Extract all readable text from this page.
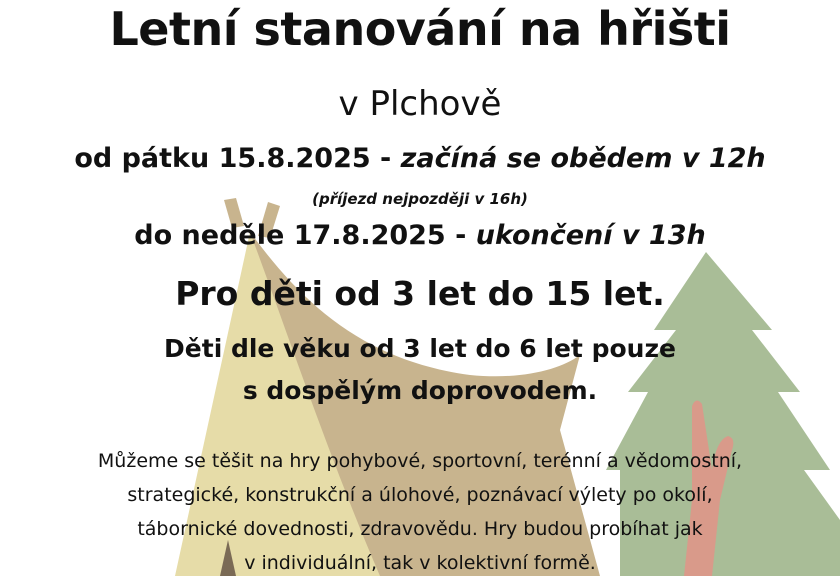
Letní stanování na hřišti
v Plchově
od pátku 15.8.2025 - začíná se obědem v 12h
(příjezd nejpozději v 16h)
do neděle 17.8.2025 - ukončení v 13h
Pro děti od 3 let do 15 let.
Děti dle věku od 3 let do 6 let pouze
s dospělým doprovodem.
Můžeme se těšit na hry pohybové, sportovní, terénní a vědomostní,
strategické, konstrukční a úlohové, poznávací výlety po okolí,
tábornické dovednosti, zdravovědu. Hry budou probíhat jak
v individuální, tak v kolektivní formě.
